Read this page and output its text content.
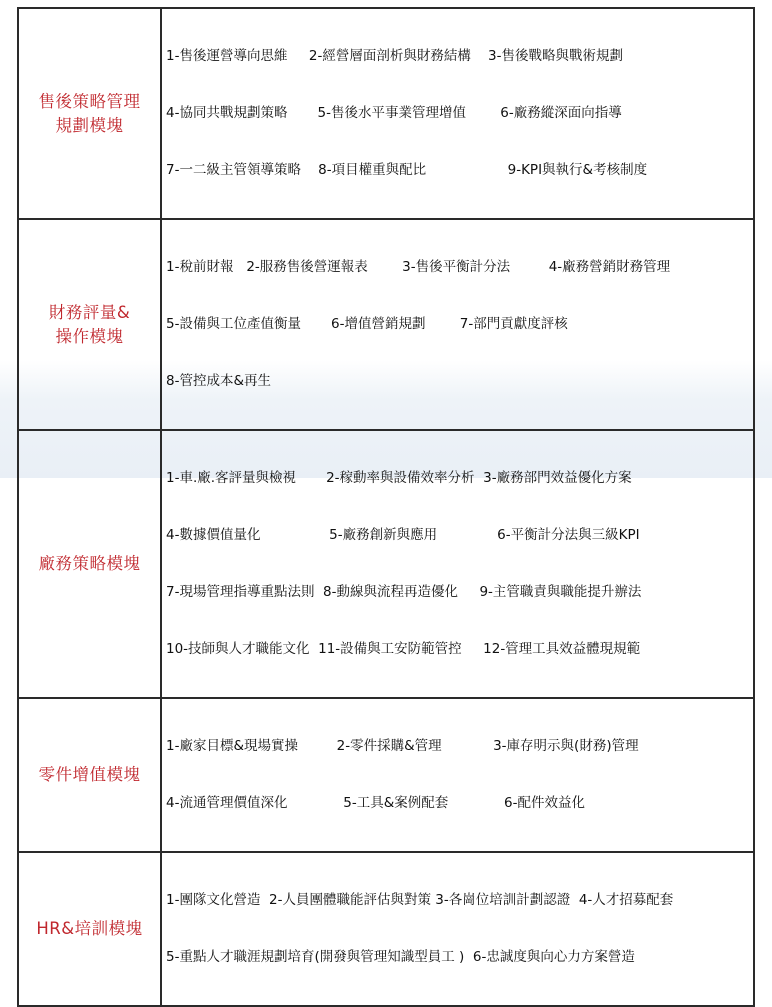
售後策略管理
規劃模塊	1-售後運營導向思維     2-經營層面剖析與財務結構    3-售後戰略與戰術規劃

4-協同共戰規劃策略       5-售後水平事業管理增值        6-廠務縱深面向指導

7-一二級主管領導策略    8-項目權重與配比                   9-KPI與執行&考核制度

財務評量&
操作模塊	1-稅前財報   2-服務售後營運報表        3-售後平衡計分法         4-廠務營銷財務管理

5-設備與工位產值衡量       6-增值營銷規劃        7-部門貢獻度評核

8-管控成本&再生

廠務策略模塊	1-車.廠.客評量與檢視       2-稼動率與設備效率分析  3-廠務部門效益優化方案

4-數據價值量化                5-廠務創新與應用              6-平衡計分法與三級KPI

7-現場管理指導重點法則  8-動線與流程再造優化     9-主管職責與職能提升辦法

10-技師與人才職能文化  11-設備與工安防範管控     12-管理工具效益體現規範

零件增值模塊	1-廠家目標&現場實操         2-零件採購&管理            3-庫存明示與(財務)管理

4-流通管理價值深化             5-工具&案例配套             6-配件效益化

HR&培訓模塊	1-團隊文化營造  2-人員團體職能評估與對策 3-各崗位培訓計劃認證  4-人才招募配套

5-重點人才職涯規劃培育(開發與管理知識型員工 )  6-忠誠度與向心力方案營造
